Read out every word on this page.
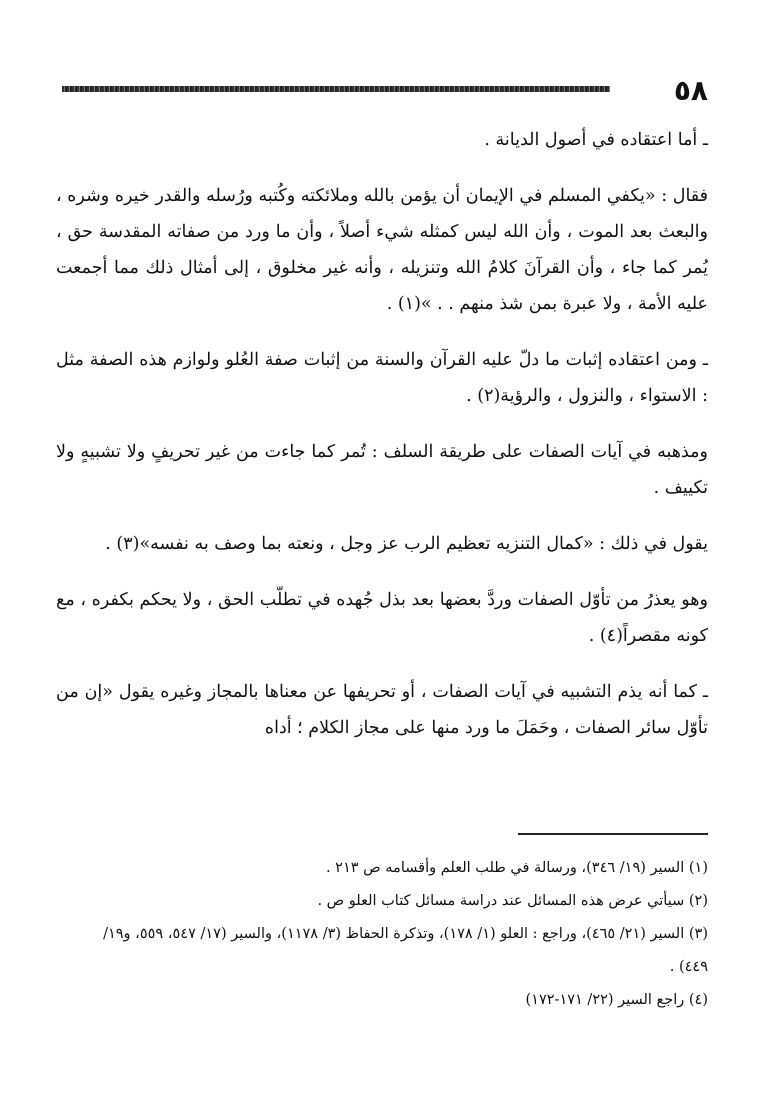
٥٨

ـ أما اعتقاده في أصول الديانة .

فقال : «يكفي المسلم في الإيمان أن يؤمن بالله وملائكته وكُتبه ورُسله والقدر خيره وشره ، والبعث بعد الموت ، وأن الله ليس كمثله شيء أصلاً ، وأن ما ورد من صفاته المقدسة حق ، يُمر كما جاء ، وأن القرآنَ كلامُ الله وتنزيله ، وأنه غير مخلوق ، إلى أمثال ذلك مما أجمعت عليه الأمة ، ولا عبرة بمن شذ منهم . . »(١) .

ـ ومن اعتقاده إثبات ما دلّ عليه القرآن والسنة من إثبات صفة العُلو ولوازم هذه الصفة مثل : الاستواء ، والنزول ، والرؤية(٢) .

ومذهبه في آيات الصفات على طريقة السلف : تُمر كما جاءت من غير تحريفٍ ولا تشبيهٍ ولا تكييف .

يقول في ذلك : «كمال التنزيه تعظيم الرب عز وجل ، ونعته بما وصف به نفسه»(٣) .

وهو يعذرُ من تأوّل الصفات وردَّ بعضها بعد بذل جُهده في تطلّب الحق ، ولا يحكم بكفره ، مع كونه مقصراً(٤) .

ـ كما أنه يذم التشبيه في آيات الصفات ، أو تحريفها عن معناها بالمجاز وغيره يقول «إن من تأوّل سائر الصفات ، وحَمَلَ ما ورد منها على مجاز الكلام ؛ أداه

(١) السير (١٩/ ٣٤٦)، ورسالة في طلب العلم وأقسامه ص ٢١٣ .

(٢) سيأتي عرض هذه المسائل عند دراسة مسائل كتاب العلو ص .

(٣) السير (٢١/ ٤٦٥)، وراجع : العلو (١/ ١٧٨)، وتذكرة الحفاظ (٣/ ١١٧٨)، والسير (١٧/ ٥٤٧، ٥٥٩، و١٩/ ٤٤٩) .

(٤) راجع السير (٢٢/ ١٧١-١٧٢)
